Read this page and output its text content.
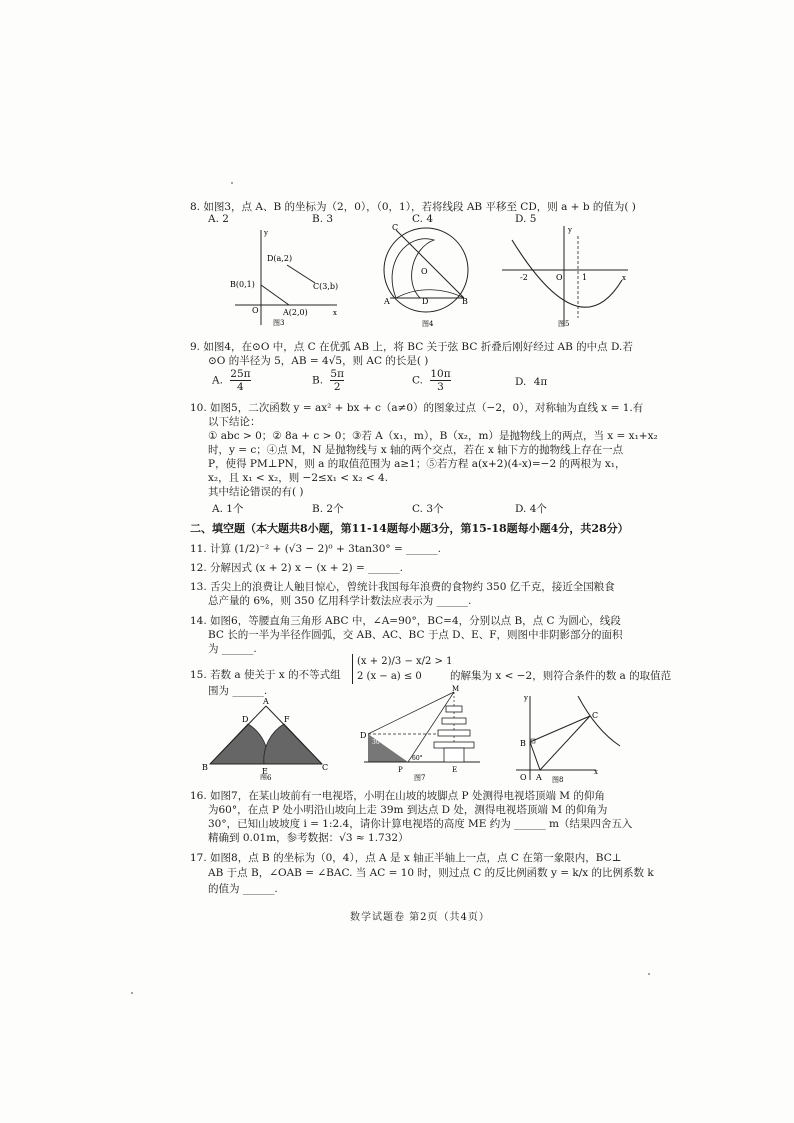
8. 如图3，点 A、B 的坐标为（2，0），（0，1），若将线段 AB 平移至 CD，则 a + b 的值为( )
A. 2	B. 3	C. 4	D. 5
D(a,2)
C(3,b)
B(0,1)
A(2,0)
O	x
y
图3
C
O
A	D	B
图4
y
x
-2	O 1
图5
9. 如图4，在⊙O 中，点 C 在优弧 AB 上，将 BC 关于弦 BC 折叠后刚好经过 AB 的中点 D.若
⊙O 的半径为 5，AB = 4√5，则 AC 的长是( )
A. $\frac{25\pi}{4}$	B. $\frac{5\pi}{2}$	C. $\frac{10\pi}{3}$	D. 4π
10. 如图5，二次函数 y = ax² + bx + c（a≠0）的图象过点（−2，0），对称轴为直线 x = 1.有
以下结论：
① abc > 0；② 8a + c > 0；③若 A（x₁，m），B（x₂，m）是抛物线上的两点，当 x = x₁+x₂
时，y = c；④点 M，N 是抛物线与 x 轴的两个交点，若在 x 轴下方的抛物线上存在一点
P，使得 PM⊥PN，则 a 的取值范围为 a≥1；⑤若方程 a(x+2)(4-x)=−2 的两根为 x₁，
x₂，且 x₁ < x₂，则 −2≤x₁ < x₂ < 4.
其中结论错误的有( )
A. 1个	B. 2个	C. 3个	D. 4个
二、填空题（本大题共8小题，第11-14题每小题3分，第15-18题每小题4分，共28分）
11. 计算 (1/2)⁻² + (√3 − 2)⁰ + 3tan30° = ______.
12. 分解因式 (x + 2) x − (x + 2) = ______.
13. 舌尖上的浪费让人触目惊心，曾统计我国每年浪费的食物约 350 亿千克，接近全国粮食
总产量的 6%，则 350 亿用科学计数法应表示为 ______.
14. 如图6，等腰直角三角形 ABC 中，∠A=90°，BC=4，分别以点 B，点 C 为圆心，线段
BC 长的一半为半径作圆弧，交 AB、AC、BC 于点 D、E、F，则图中非阴影部分的面积
为 ______.
15. 若数 a 使关于 x 的不等式组
(x + 2)/3 − x/2 > 1
2 (x − a) ≤ 0	的解集为 x < −2，则符合条件的数 a 的取值范
围为 ______.
A
D	F
B	E	C
图6
M
D
30°
60°
P	E
图7
y
C
B
O A
x
图8
16. 如图7，在某山坡前有一电视塔，小明在山坡的坡脚点 P 处测得电视塔顶端 M 的仰角
为60°，在点 P 处小明沿山坡向上走 39m 到达点 D 处，测得电视塔顶端 M 的仰角为
30°，已知山坡坡度 i = 1:2.4，请你计算电视塔的高度 ME 约为 ______ m（结果四舍五入
精确到 0.01m，参考数据：√3 ≈ 1.732）
17. 如图8，点 B 的坐标为（0，4），点 A 是 x 轴正半轴上一点，点 C 在第一象限内，BC⊥
AB 于点 B，∠OAB = ∠BAC. 当 AC = 10 时，则过点 C 的反比例函数 y = k/x 的比例系数 k
的值为 ______.
数学试题卷 第2页（共4页）
